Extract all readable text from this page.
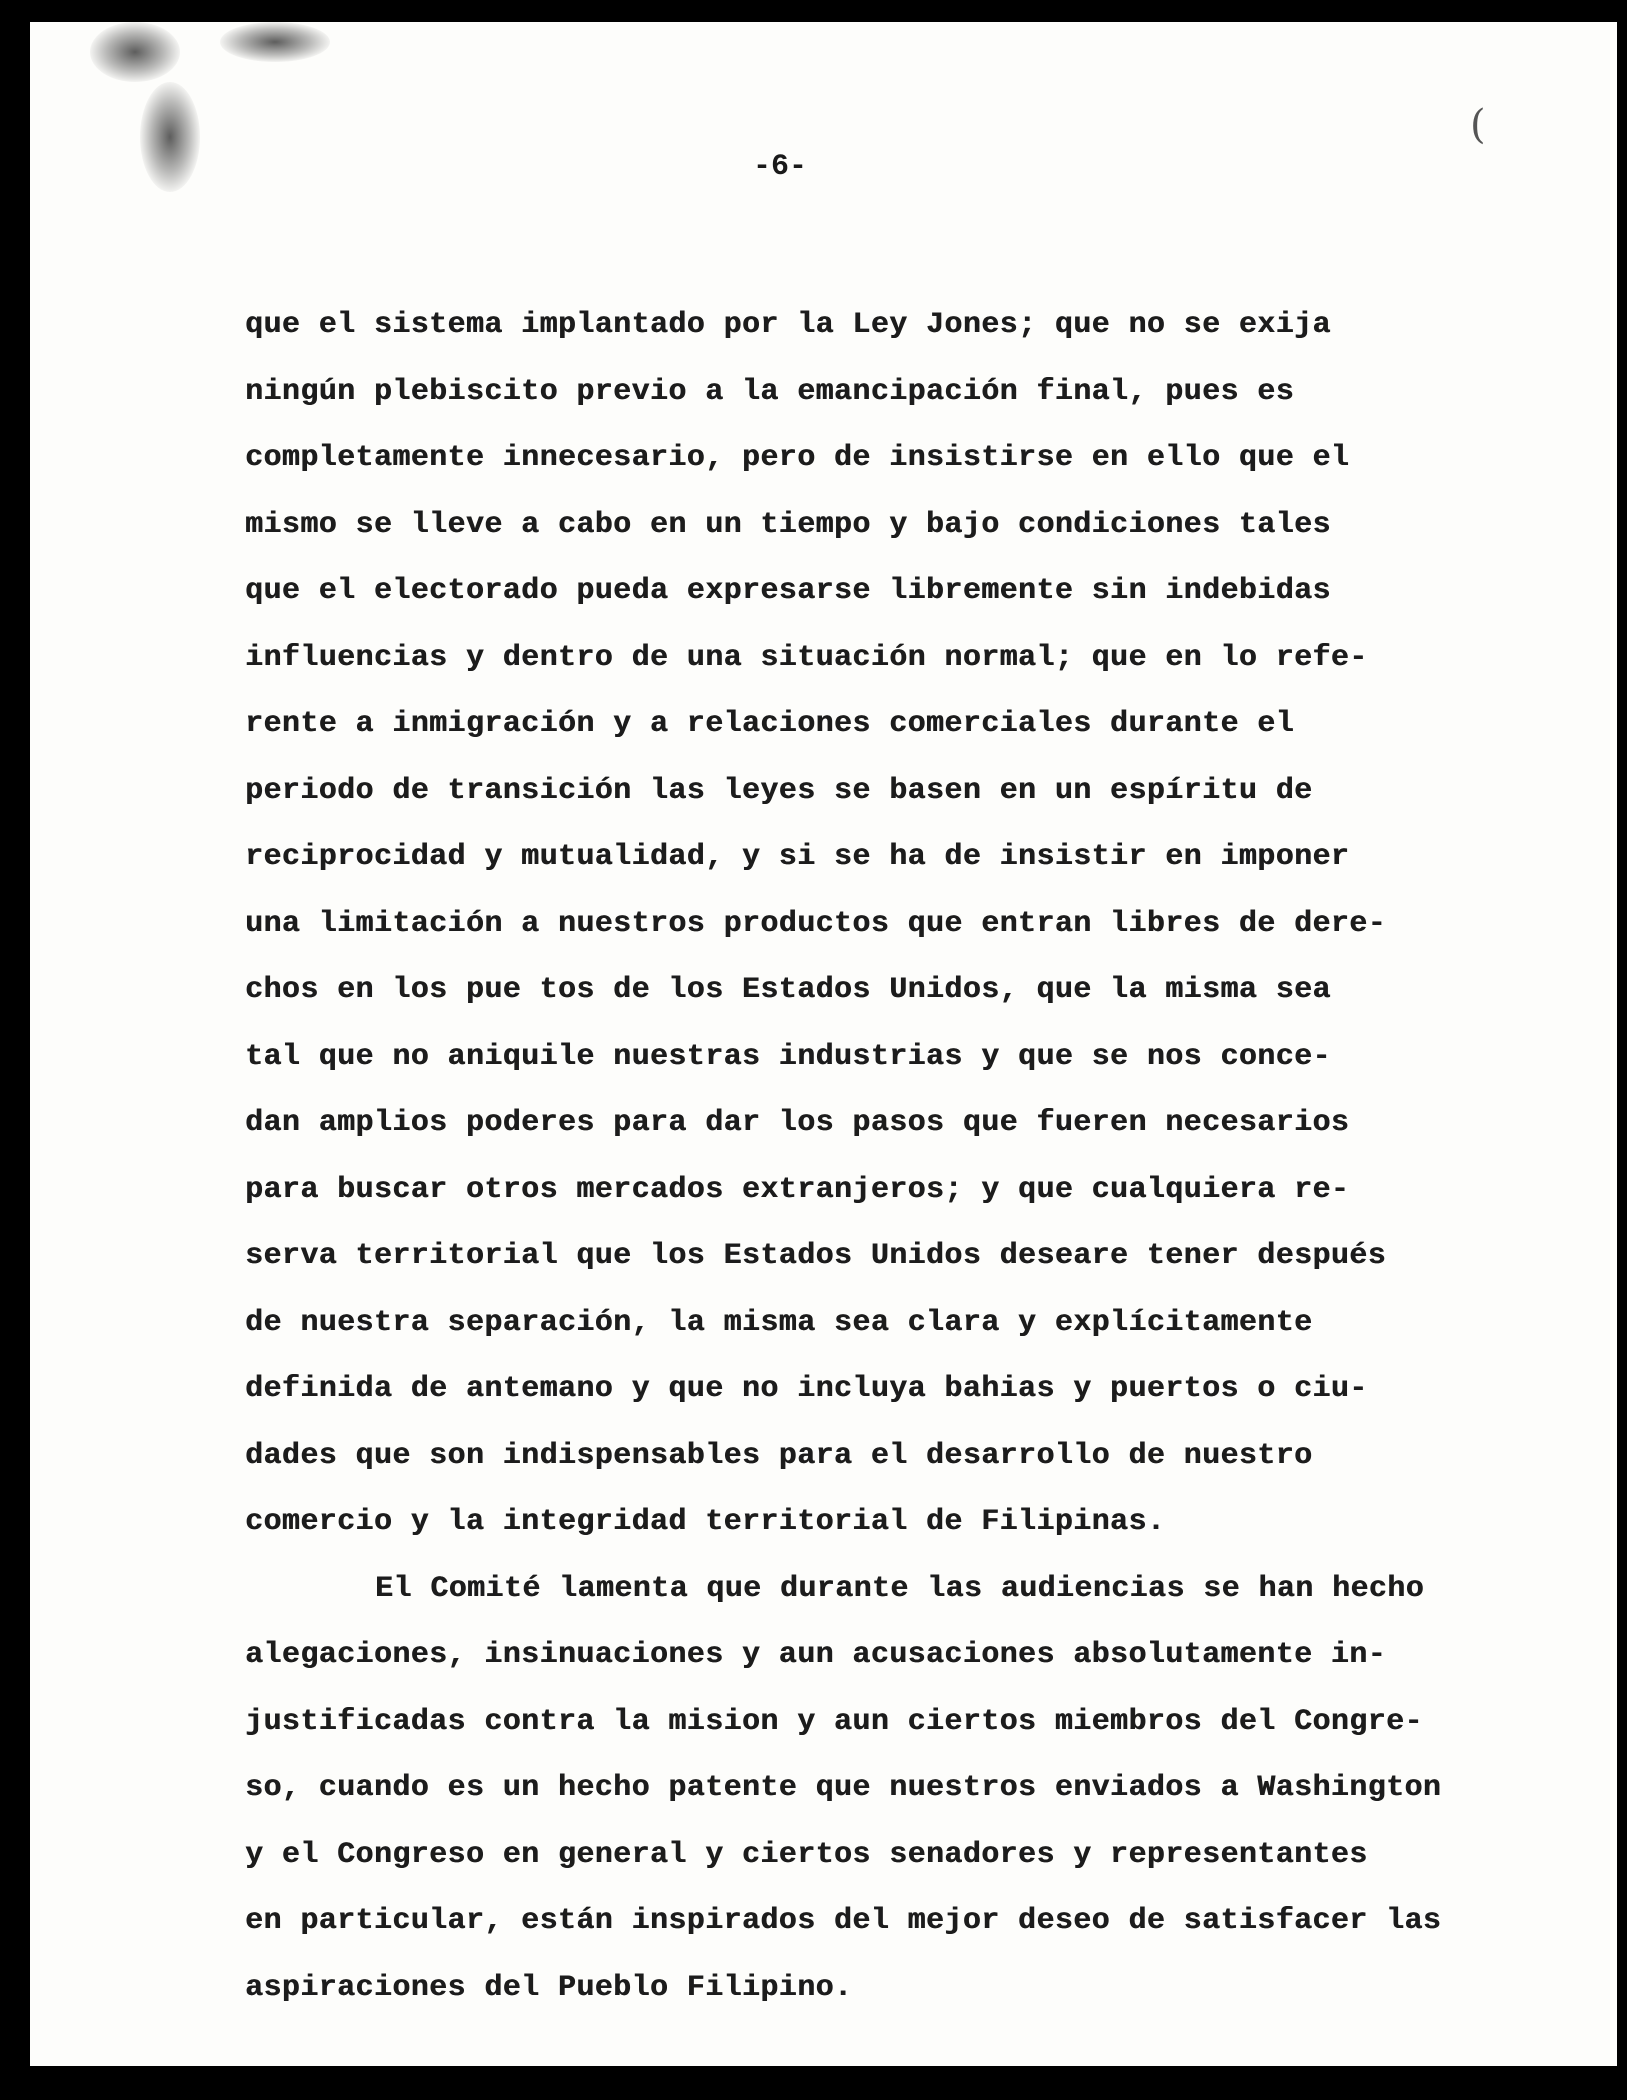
(
-6-
que el sistema implantado por la Ley Jones; que no se exija
ningún plebiscito previo a la emancipación final, pues es
completamente innecesario, pero de insistirse en ello que el
mismo se lleve a cabo en un tiempo y bajo condiciones tales
que el electorado pueda expresarse libremente sin indebidas
influencias y dentro de una situación normal; que en lo refe-
rente a inmigración y a relaciones comerciales durante el
periodo de transición las leyes se basen en un espíritu de
reciprocidad y mutualidad, y si se ha de insistir en imponer
una limitación a nuestros productos que entran libres de dere-
chos en los pue tos de los Estados Unidos, que la misma sea
tal que no aniquile nuestras industrias y que se nos conce-
dan amplios poderes para dar los pasos que fueren necesarios
para buscar otros mercados extranjeros; y que cualquiera re-
serva territorial que los Estados Unidos deseare tener después
de nuestra separación, la misma sea clara y explícitamente
definida de antemano y que no incluya bahias y puertos o ciu-
dades que son indispensables para el desarrollo de nuestro
comercio y la integridad territorial de Filipinas.
El Comité lamenta que durante las audiencias se han hecho
alegaciones, insinuaciones y aun acusaciones absolutamente in-
justificadas contra la mision y aun ciertos miembros del Congre-
so, cuando es un hecho patente que nuestros enviados a Washington
y el Congreso en general y ciertos senadores y representantes
en particular, están inspirados del mejor deseo de satisfacer las
aspiraciones del Pueblo Filipino.
